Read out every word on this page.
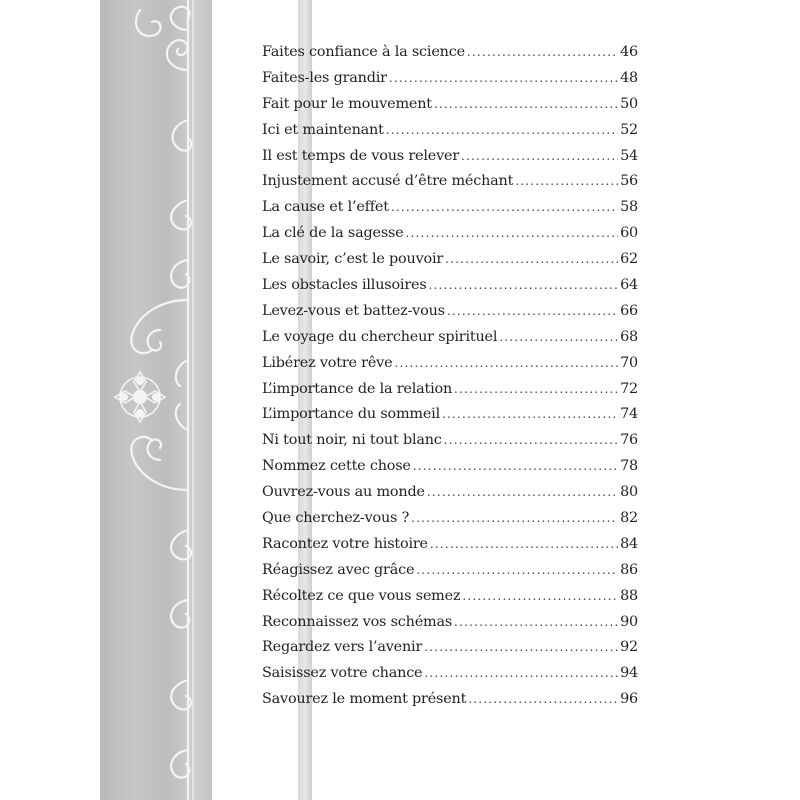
Faites confiance à la science .....	46
Faites-les grandir .....	48
Fait pour le mouvement .....	50
Ici et maintenant .....	52
Il est temps de vous relever .....	54
Injustement accusé d’être méchant .....	56
La cause et l’effet .....	58
La clé de la sagesse .....	60
Le savoir, c’est le pouvoir .....	62
Les obstacles illusoires .....	64
Levez-vous et battez-vous .....	66
Le voyage du chercheur spirituel .....	68
Libérez votre rêve .....	70
L’importance de la relation .....	72
L’importance du sommeil .....	74
Ni tout noir, ni tout blanc .....	76
Nommez cette chose .....	78
Ouvrez-vous au monde .....	80
Que cherchez-vous ? .....	82
Racontez votre histoire .....	84
Réagissez avec grâce .....	86
Récoltez ce que vous semez .....	88
Reconnaissez vos schémas .....	90
Regardez vers l’avenir .....	92
Saisissez votre chance .....	94
Savourez le moment présent .....	96
